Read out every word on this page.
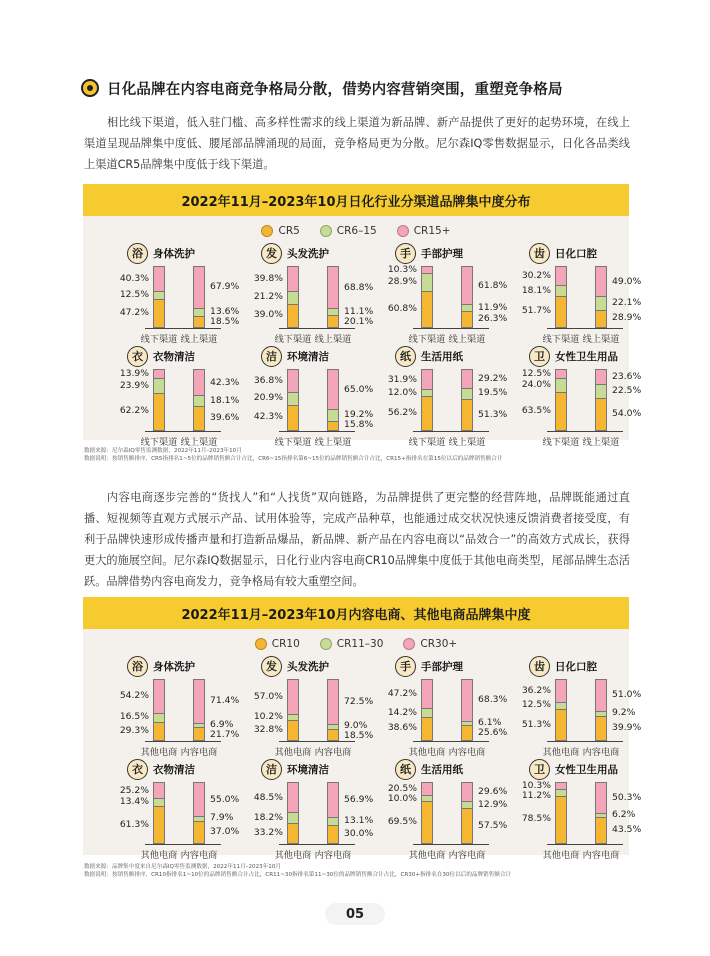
日化品牌在内容电商竞争格局分散，借势内容营销突围，重塑竞争格局

相比线下渠道，低入驻门槛、高多样性需求的线上渠道为新品牌、新产品提供了更好的起势环境，在线上渠道呈现品牌集中度低、腰尾部品牌涌现的局面，竞争格局更为分散。尼尔森IQ零售数据显示，日化各品类线上渠道CR5品牌集中度低于线下渠道。

2022年11月–2023年10月日化行业分渠道品牌集中度分布
CR5	CR6–15	CR15+
浴 身体洗护
40.3%
12.5%
47.2%
线下渠道
67.9%
13.6%
18.5%
线上渠道
发 头发洗护
39.8%
21.2%
39.0%
线下渠道
68.8%
11.1%
20.1%
线上渠道
手 手部护理
10.3%
28.9%
60.8%
线下渠道
61.8%
11.9%
26.3%
线上渠道
齿 日化口腔
30.2%
18.1%
51.7%
线下渠道
49.0%
22.1%
28.9%
线上渠道
衣 衣物清洁
13.9%
23.9%
62.2%
线下渠道
42.3%
18.1%
39.6%
线上渠道
洁 环境清洁
36.8%
20.9%
42.3%
线下渠道
65.0%
19.2%
15.8%
线上渠道
纸 生活用纸
31.9%
12.0%
56.2%
线下渠道
29.2%
19.5%
51.3%
线上渠道
卫 女性卫生用品
12.5%
24.0%
63.5%
线下渠道
23.6%
22.5%
54.0%
线上渠道
数据来源：尼尔森IQ零售监测数据，2022年11月–2023年10月
数据说明：按销售额排序，CR5指排名1~5位的品牌销售额合计占比，CR6~15指排名第6~15位的品牌销售额合计占比，CR15+指排名在第15位以后的品牌销售额合计

内容电商逐步完善的“货找人”和“人找货”双向链路，为品牌提供了更完整的经营阵地，品牌既能通过直播、短视频等直观方式展示产品、试用体验等，完成产品种草，也能通过成交状况快速反馈消费者接受度，有利于品牌快速形成传播声量和打造新品爆品，新品牌、新产品在内容电商以“品效合一”的高效方式成长，获得更大的施展空间。尼尔森IQ数据显示，日化行业内容电商CR10品牌集中度低于其他电商类型，尾部品牌生态活跃。品牌借势内容电商发力，竞争格局有较大重塑空间。

2022年11月–2023年10月内容电商、其他电商品牌集中度
CR10	CR11–30	CR30+
浴 身体洗护
54.2%
16.5%
29.3%
其他电商
71.4%
6.9%
21.7%
内容电商
发 头发洗护
57.0%
10.2%
32.8%
其他电商
72.5%
9.0%
18.5%
内容电商
手 手部护理
47.2%
14.2%
38.6%
其他电商
68.3%
6.1%
25.6%
内容电商
齿 日化口腔
36.2%
12.5%
51.3%
其他电商
51.0%
9.2%
39.9%
内容电商
衣 衣物清洁
25.2%
13.4%
61.3%
其他电商
55.0%
7.9%
37.0%
内容电商
洁 环境清洁
48.5%
18.2%
33.2%
其他电商
56.9%
13.1%
30.0%
内容电商
纸 生活用纸
20.5%
10.0%
69.5%
其他电商
29.6%
12.9%
57.5%
内容电商
卫 女性卫生用品
10.3%
11.2%
78.5%
其他电商
50.3%
6.2%
43.5%
内容电商
数据来源：品牌集中度来自尼尔森IQ零售监测数据，2022年11月–2023年10月
数据说明：按销售额排序，CR10指排名1~10位的品牌销售额合计占比，CR11~30指排名第11~30位的品牌销售额合计占比，CR30+指排名在30位以后的品牌销售额合计
05
